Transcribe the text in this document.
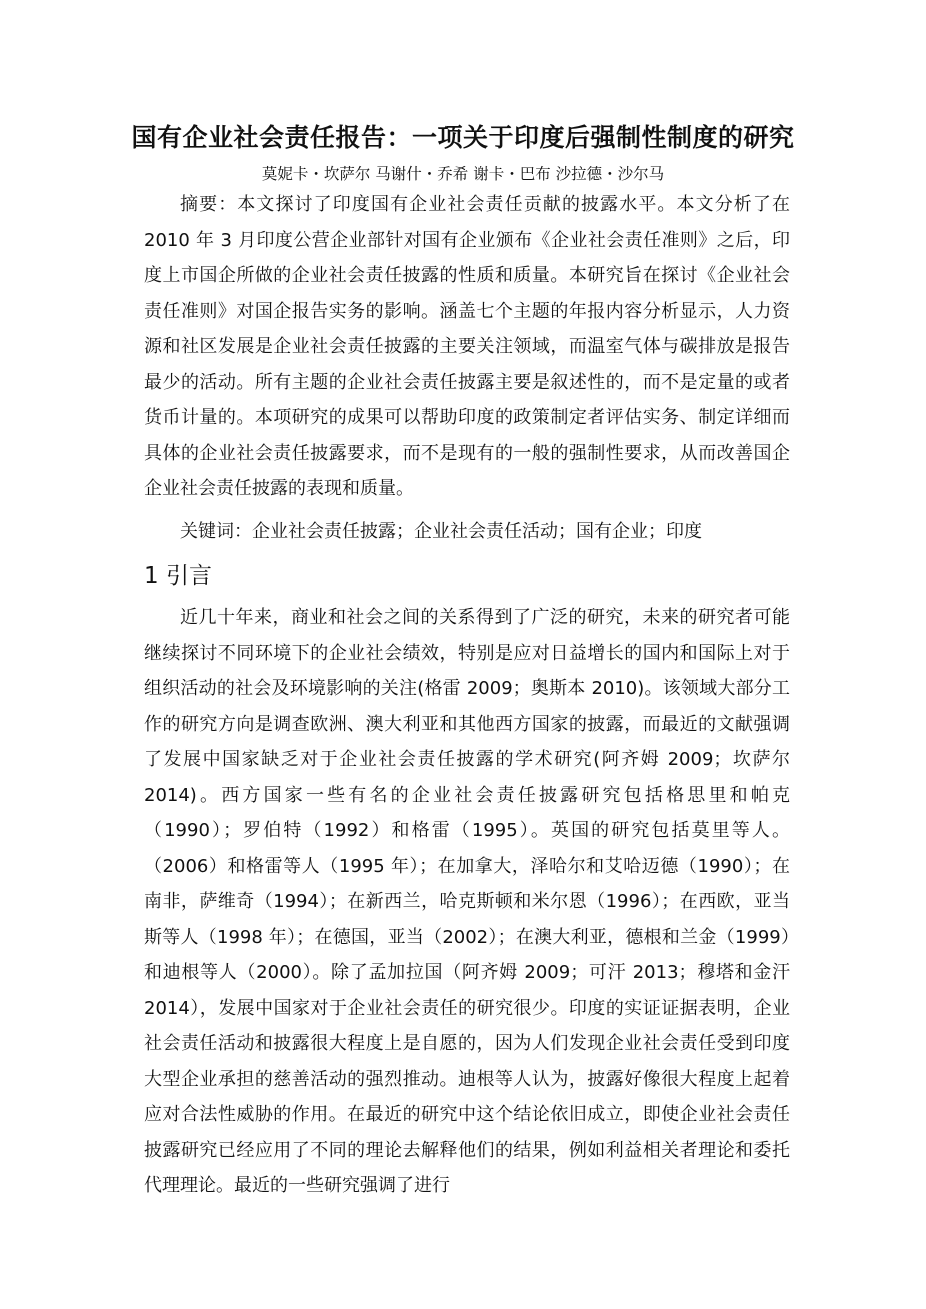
国有企业社会责任报告：一项关于印度后强制性制度的研究

莫妮卡・坎萨尔 马谢什・乔希 谢卡・巴布 沙拉德・沙尔马

摘要：本文探讨了印度国有企业社会责任贡献的披露水平。本文分析了在 2010 年 3 月印度公营企业部针对国有企业颁布《企业社会责任准则》之后，印度上市国企所做的企业社会责任披露的性质和质量。本研究旨在探讨《企业社会责任准则》对国企报告实务的影响。涵盖七个主题的年报内容分析显示，人力资源和社区发展是企业社会责任披露的主要关注领域，而温室气体与碳排放是报告最少的活动。所有主题的企业社会责任披露主要是叙述性的，而不是定量的或者货币计量的。本项研究的成果可以帮助印度的政策制定者评估实务、制定详细而具体的企业社会责任披露要求，而不是现有的一般的强制性要求，从而改善国企企业社会责任披露的表现和质量。

关键词：企业社会责任披露；企业社会责任活动；国有企业；印度

1 引言

近几十年来，商业和社会之间的关系得到了广泛的研究，未来的研究者可能继续探讨不同环境下的企业社会绩效，特别是应对日益增长的国内和国际上对于组织活动的社会及环境影响的关注(格雷 2009；奥斯本 2010)。该领域大部分工作的研究方向是调查欧洲、澳大利亚和其他西方国家的披露，而最近的文献强调了发展中国家缺乏对于企业社会责任披露的学术研究(阿齐姆 2009；坎萨尔 2014)。西方国家一些有名的企业社会责任披露研究包括格思里和帕克（1990）；罗伯特（1992）和格雷（1995）。英国的研究包括莫里等人。（2006）和格雷等人（1995 年）；在加拿大，泽哈尔和艾哈迈德（1990）；在南非，萨维奇（1994）；在新西兰，哈克斯顿和米尔恩（1996）；在西欧，亚当斯等人（1998 年）；在德国，亚当（2002）；在澳大利亚，德根和兰金（1999）和迪根等人（2000）。除了孟加拉国（阿齐姆 2009；可汗 2013；穆塔和金汗 2014），发展中国家对于企业社会责任的研究很少。印度的实证证据表明，企业社会责任活动和披露很大程度上是自愿的，因为人们发现企业社会责任受到印度大型企业承担的慈善活动的强烈推动。迪根等人认为，披露好像很大程度上起着应对合法性威胁的作用。在最近的研究中这个结论依旧成立，即使企业社会责任披露研究已经应用了不同的理论去解释他们的结果，例如利益相关者理论和委托代理理论。最近的一些研究强调了进行
